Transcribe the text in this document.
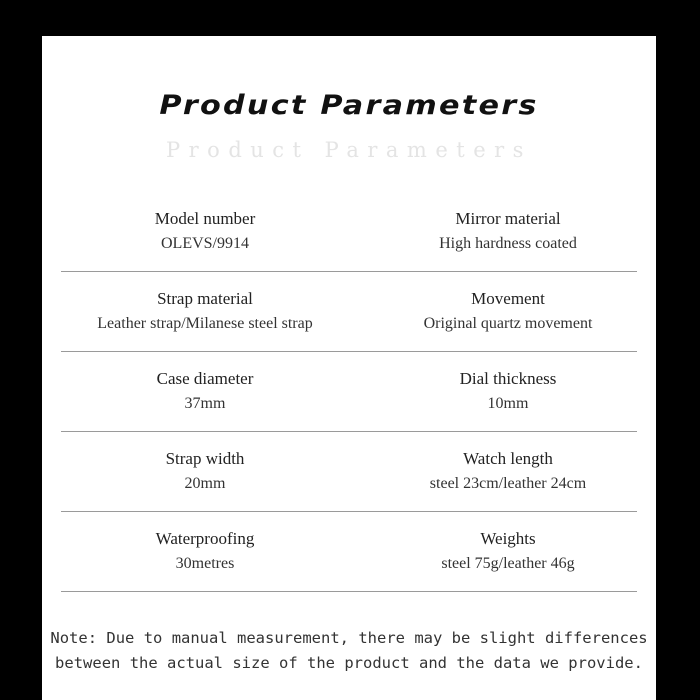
Product Parameters
Product Parameters
Model number
OLEVS/9914
Mirror material
High hardness coated
Strap material
Leather strap/Milanese steel strap
Movement
Original quartz movement
Case diameter
37mm
Dial thickness
10mm
Strap width
20mm
Watch length
steel 23cm/leather 24cm
Waterproofing
30metres
Weights
steel 75g/leather 46g

Note: Due to manual measurement, there may be slight differences
between the actual size of the product and the data we provide.
